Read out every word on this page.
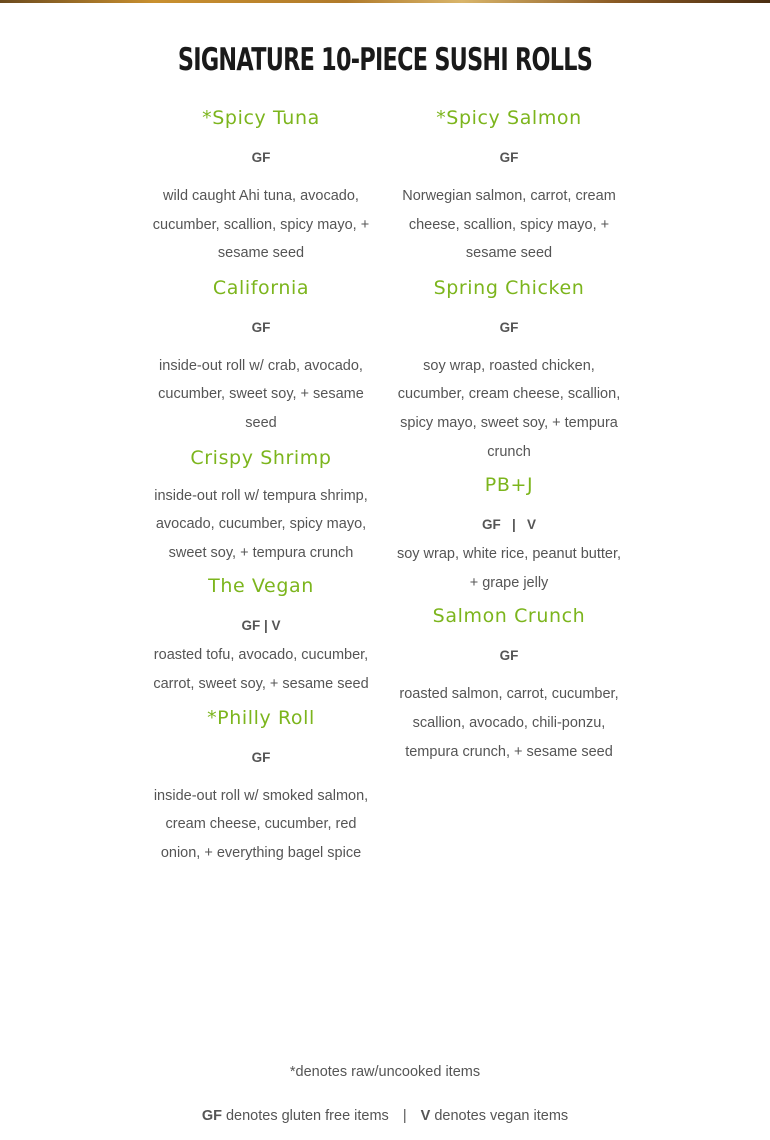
SIGNATURE 10-PIECE SUSHI ROLLS
*Spicy Tuna
GF
wild caught Ahi tuna, avocado, cucumber, scallion, spicy mayo, + sesame seed
California
GF
inside-out roll w/ crab, avocado, cucumber, sweet soy, + sesame seed
Crispy Shrimp
inside-out roll w/ tempura shrimp, avocado, cucumber, spicy mayo, sweet soy, + tempura crunch
The Vegan
GF | V
roasted tofu, avocado, cucumber, carrot, sweet soy, + sesame seed
*Philly Roll
GF
inside-out roll w/ smoked salmon, cream cheese, cucumber, red onion, + everything bagel spice
*Spicy Salmon
GF
Norwegian salmon, carrot, cream cheese, scallion, spicy mayo, + sesame seed
Spring Chicken
GF
soy wrap, roasted chicken, cucumber, cream cheese, scallion, spicy mayo, sweet soy, + tempura crunch
PB+J
GF   |   V
soy wrap, white rice, peanut butter, + grape jelly
Salmon Crunch
GF
roasted salmon, carrot, cucumber, scallion, avocado, chili-ponzu, tempura crunch, + sesame seed
*denotes raw/uncooked items
GF denotes gluten free items | V denotes vegan items
